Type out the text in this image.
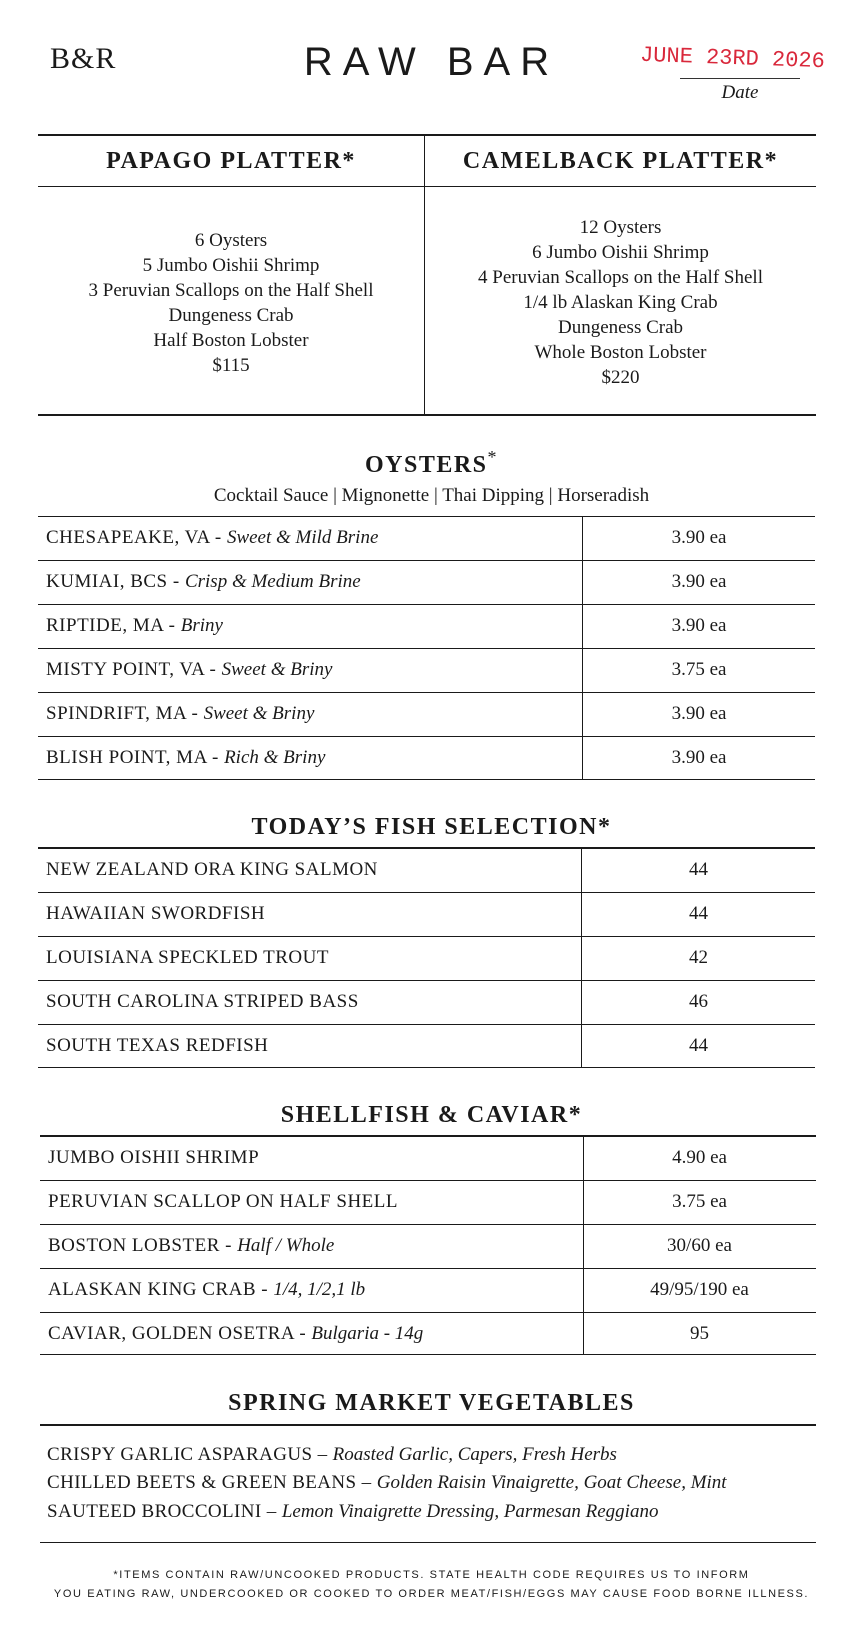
B&R	RAW BAR	JUNE 23RD 2026
Date
PAPAGO PLATTER*	CAMELBACK PLATTER*
6 Oysters
5 Jumbo Oishii Shrimp
3 Peruvian Scallops on the Half Shell
Dungeness Crab
Half Boston Lobster
$115
12 Oysters
6 Jumbo Oishii Shrimp
4 Peruvian Scallops on the Half Shell
1/4 lb Alaskan King Crab
Dungeness Crab
Whole Boston Lobster
$220
OYSTERS*
Cocktail Sauce | Mignonette | Thai Dipping | Horseradish
CHESAPEAKE, VA - Sweet & Mild Brine	3.90 ea
KUMIAI, BCS - Crisp & Medium Brine	3.90 ea
RIPTIDE, MA - Briny	3.90 ea
MISTY POINT, VA - Sweet & Briny	3.75 ea
SPINDRIFT, MA - Sweet & Briny	3.90 ea
BLISH POINT, MA - Rich & Briny	3.90 ea
TODAY’S FISH SELECTION*
NEW ZEALAND ORA KING SALMON	44
HAWAIIAN SWORDFISH	44
LOUISIANA SPECKLED TROUT	42
SOUTH CAROLINA STRIPED BASS	46
SOUTH TEXAS REDFISH	44
SHELLFISH & CAVIAR*
JUMBO OISHII SHRIMP	4.90 ea
PERUVIAN SCALLOP ON HALF SHELL	3.75 ea
BOSTON LOBSTER - Half / Whole	30/60 ea
ALASKAN KING CRAB - 1/4, 1/2,1 lb	49/95/190 ea
CAVIAR, GOLDEN OSETRA - Bulgaria - 14g	95
SPRING MARKET VEGETABLES
CRISPY GARLIC ASPARAGUS – Roasted Garlic, Capers, Fresh Herbs
CHILLED BEETS & GREEN BEANS – Golden Raisin Vinaigrette, Goat Cheese, Mint
SAUTEED BROCCOLINI – Lemon Vinaigrette Dressing, Parmesan Reggiano
*ITEMS CONTAIN RAW/UNCOOKED PRODUCTS. STATE HEALTH CODE REQUIRES US TO INFORM
YOU EATING RAW, UNDERCOOKED OR COOKED TO ORDER MEAT/FISH/EGGS MAY CAUSE FOOD BORNE ILLNESS.
